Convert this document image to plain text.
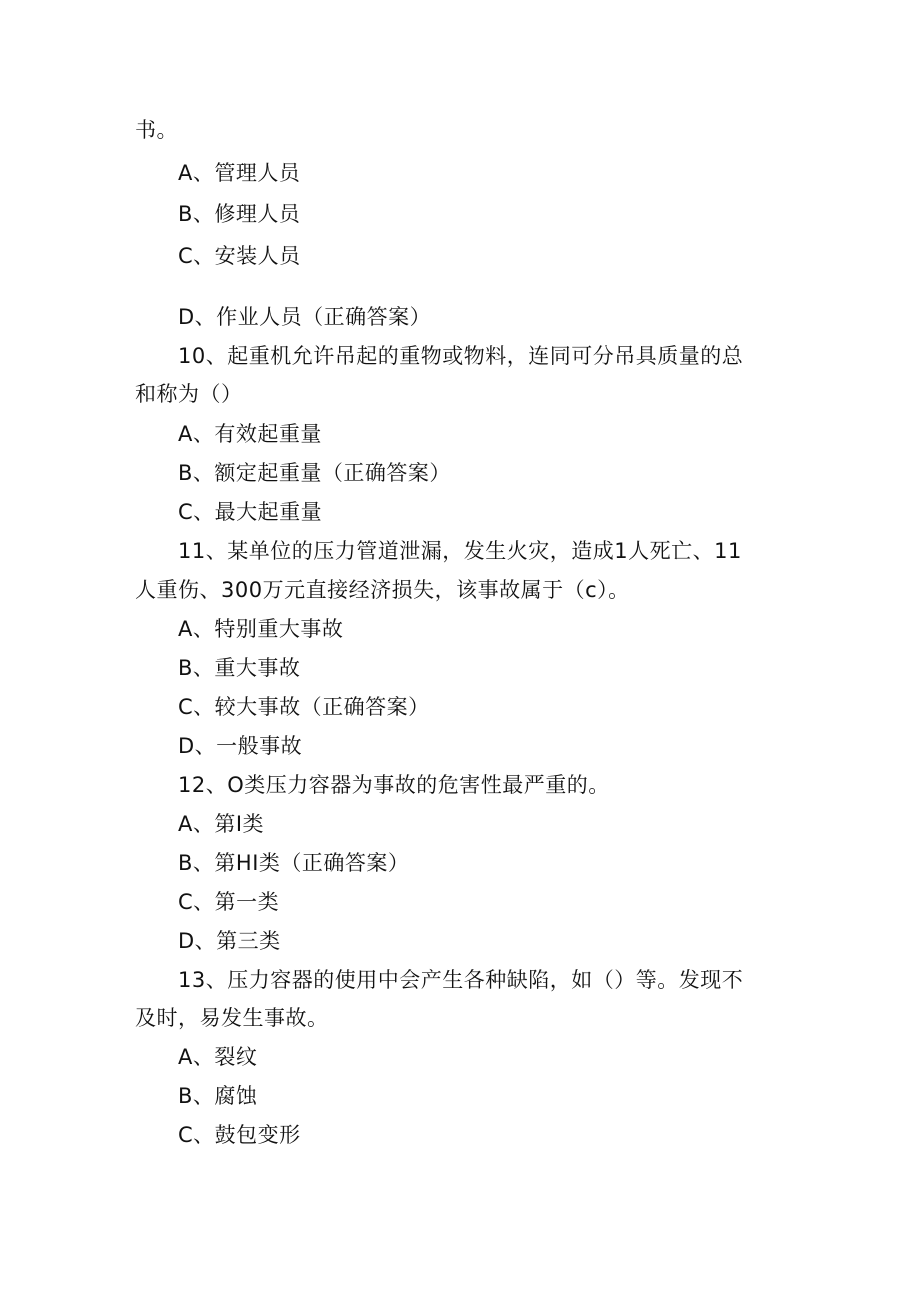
书。
A、管理人员
B、修理人员
C、安装人员
D、作业人员（正确答案）
10、起重机允许吊起的重物或物料，连同可分吊具质量的总
和称为（）
A、有效起重量
B、额定起重量（正确答案）
C、最大起重量
11、某单位的压力管道泄漏，发生火灾，造成1人死亡、11
人重伤、300万元直接经济损失，该事故属于（c）。
A、特别重大事故
B、重大事故
C、较大事故（正确答案）
D、一般事故
12、O类压力容器为事故的危害性最严重的。
A、第I类
B、第HI类（正确答案）
C、第一类
D、第三类
13、压力容器的使用中会产生各种缺陷，如（）等。发现不
及时，易发生事故。
A、裂纹
B、腐蚀
C、鼓包变形
